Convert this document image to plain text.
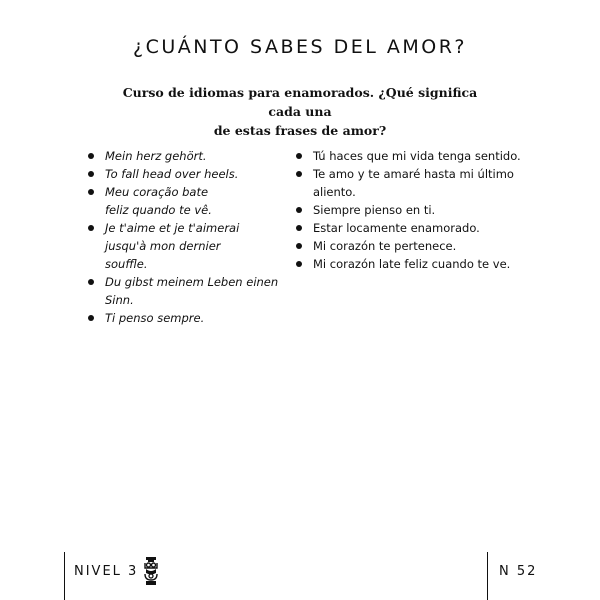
¿CUÁNTO SABES DEL AMOR?
Curso de idiomas para enamorados. ¿Qué significa cada una
de estas frases de amor?
Mein herz gehört.
To fall head over heels.
Meu coração bate feliz quando te vê.
Je t'aime et je t'aimerai jusqu'à mon dernier souffle.
Du gibst meinem Leben einen Sinn.
Ti penso sempre.
Tú haces que mi vida tenga sentido.
Te amo y te amaré hasta mi último aliento.
Siempre pienso en ti.
Estar locamente enamorado.
Mi corazón te pertenece.
Mi corazón late feliz cuando te ve.
NIVEL 3	N 52
